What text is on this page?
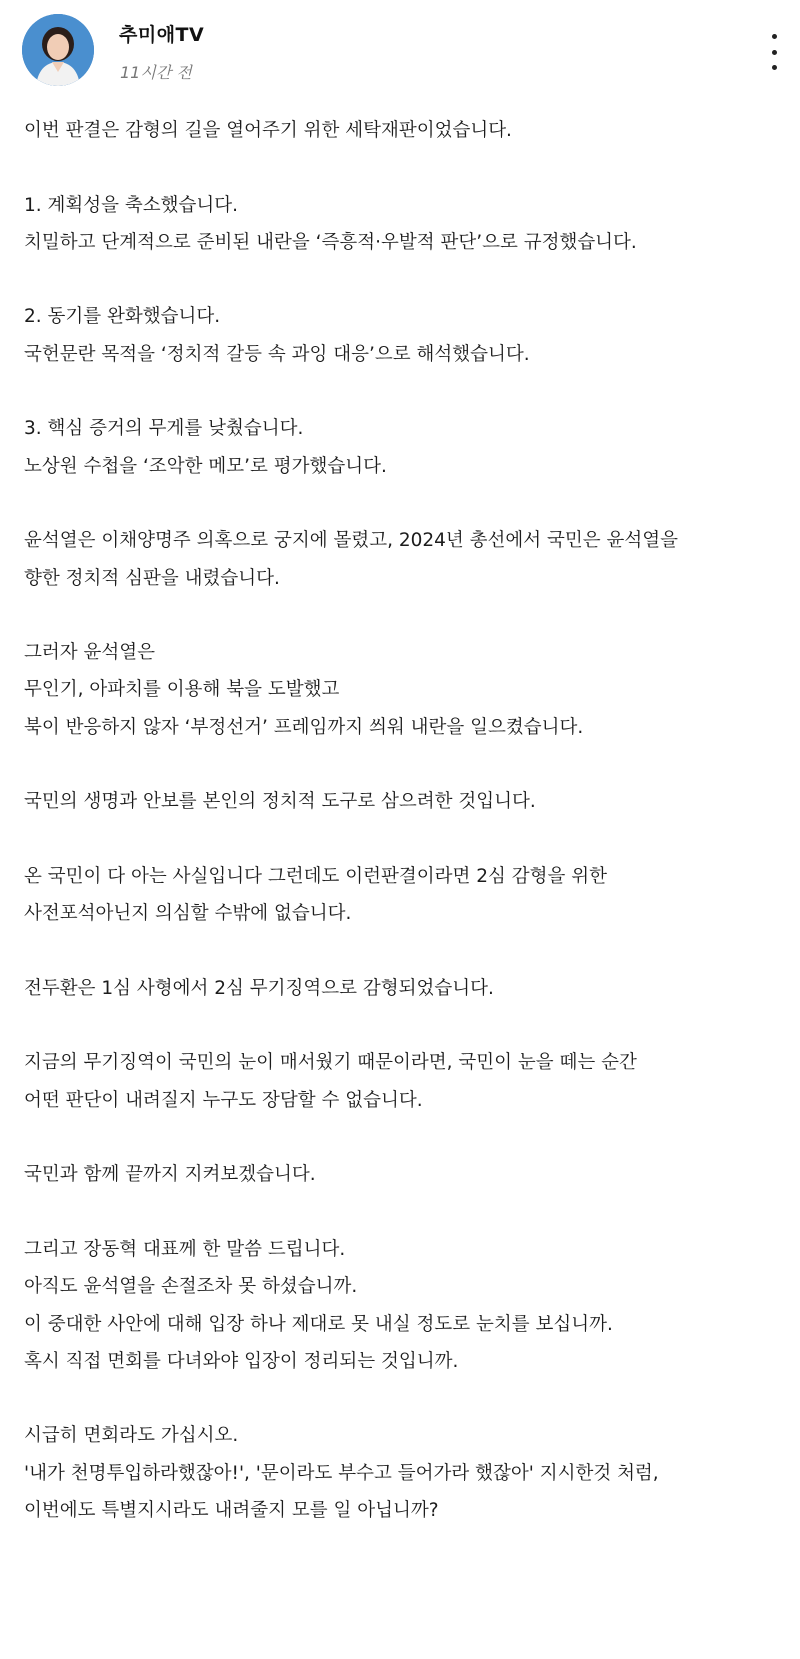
추미애TV
11시간 전
이번 판결은 감형의 길을 열어주기 위한 세탁재판이었습니다.
1. 계획성을 축소했습니다.
치밀하고 단계적으로 준비된 내란을 ‘즉흥적·우발적 판단’으로 규정했습니다.
2. 동기를 완화했습니다.
국헌문란 목적을 ‘정치적 갈등 속 과잉 대응’으로 해석했습니다.
3. 핵심 증거의 무게를 낮췄습니다.
노상원 수첩을 ‘조악한 메모’로 평가했습니다.
윤석열은 이채양명주 의혹으로 궁지에 몰렸고, 2024년 총선에서 국민은 윤석열을
향한 정치적 심판을 내렸습니다.
그러자 윤석열은
무인기, 아파치를 이용해 북을 도발했고
북이 반응하지 않자 ‘부정선거’ 프레임까지 씌워 내란을 일으켰습니다.
국민의 생명과 안보를 본인의 정치적 도구로 삼으려한 것입니다.
온 국민이 다 아는 사실입니다 그런데도 이런판결이라면 2심 감형을 위한
사전포석아닌지 의심할 수밖에 없습니다.
전두환은 1심 사형에서 2심 무기징역으로 감형되었습니다.
지금의 무기징역이 국민의 눈이 매서웠기 때문이라면, 국민이 눈을 떼는 순간
어떤 판단이 내려질지 누구도 장담할 수 없습니다.
국민과 함께 끝까지 지켜보겠습니다.
그리고 장동혁 대표께 한 말씀 드립니다.
아직도 윤석열을 손절조차 못 하셨습니까.
이 중대한 사안에 대해 입장 하나 제대로 못 내실 정도로 눈치를 보십니까.
혹시 직접 면회를 다녀와야 입장이 정리되는 것입니까.
시급히 면회라도 가십시오.
'내가 천명투입하라했잖아!', '문이라도 부수고 들어가라 했잖아' 지시한것 처럼,
이번에도 특별지시라도 내려줄지 모를 일 아닙니까?
